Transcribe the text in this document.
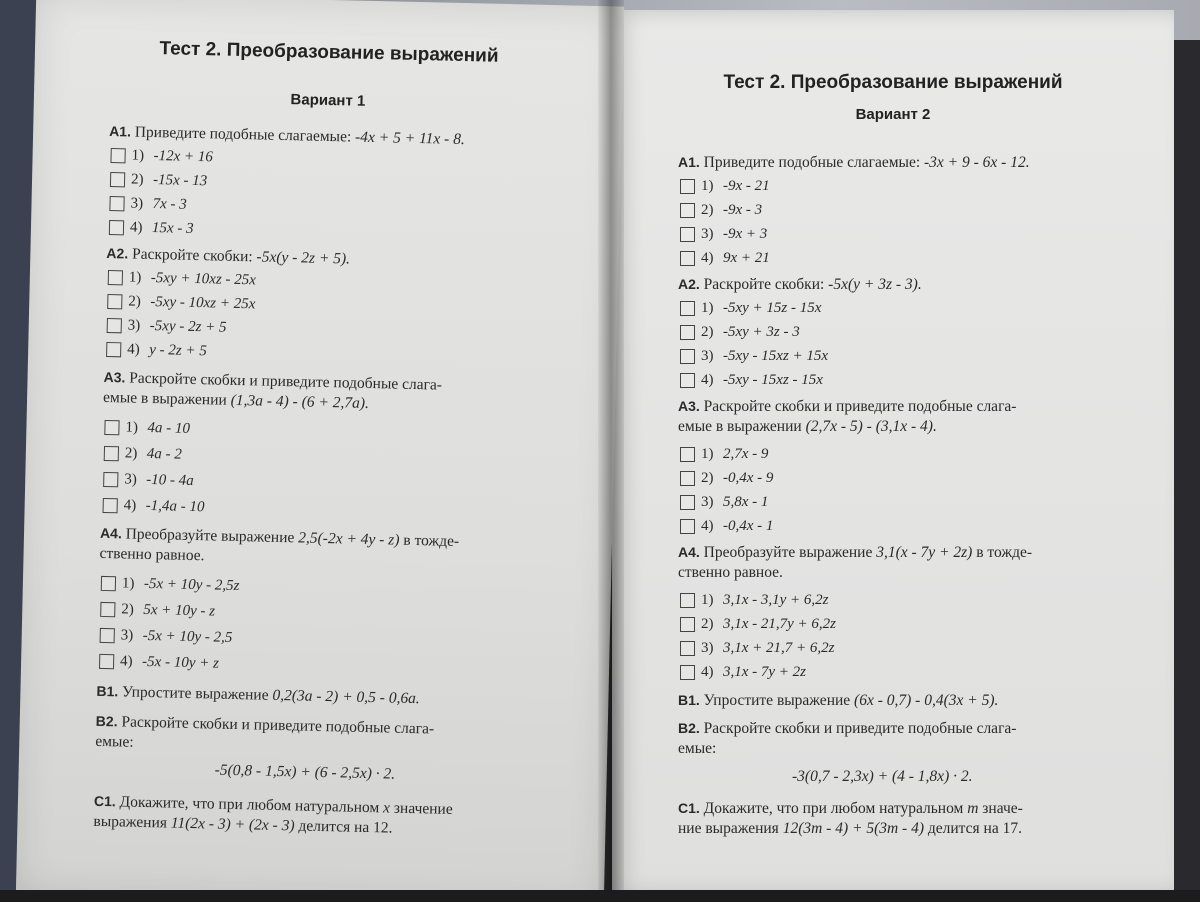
Тест 2. Преобразование выражений
Вариант 2
A1. Приведите подобные слагаемые: -3x + 9 - 6x - 12.
1) -9x - 21
2) -9x - 3
3) -9x + 3
4) 9x + 21
A2. Раскройте скобки: -5x(y + 3z - 3).
1) -5xy + 15z - 15x
2) -5xy + 3z - 3
3) -5xy - 15xz + 15x
4) -5xy - 15xz - 15x
A3. Раскройте скобки и приведите подобные слага-
емые в выражении (2,7x - 5) - (3,1x - 4).
1) 2,7x - 9
2) -0,4x - 9
3) 5,8x - 1
4) -0,4x - 1
A4. Преобразуйте выражение 3,1(x - 7y + 2z) в тожде-
ственно равное.
1) 3,1x - 3,1y + 6,2z
2) 3,1x - 21,7y + 6,2z
3) 3,1x + 21,7 + 6,2z
4) 3,1x - 7y + 2z
B1. Упростите выражение (6x - 0,7) - 0,4(3x + 5).
B2. Раскройте скобки и приведите подобные слага-
емые:
-3(0,7 - 2,3x) + (4 - 1,8x) · 2.
C1. Докажите, что при любом натуральном m значе-
ние выражения 12(3m - 4) + 5(3m - 4) делится на 17.
Тест 2. Преобразование выражений
Вариант 1
A1. Приведите подобные слагаемые: -4x + 5 + 11x - 8.
1) -12x + 16
2) -15x - 13
3) 7x - 3
4) 15x - 3
A2. Раскройте скобки: -5x(y - 2z + 5).
1) -5xy + 10xz - 25x
2) -5xy - 10xz + 25x
3) -5xy - 2z + 5
4) y - 2z + 5
A3. Раскройте скобки и приведите подобные слага-
емые в выражении (1,3a - 4) - (6 + 2,7a).
1) 4a - 10
2) 4a - 2
3) -10 - 4a
4) -1,4a - 10
A4. Преобразуйте выражение 2,5(-2x + 4y - z) в тожде-
ственно равное.
1) -5x + 10y - 2,5z
2) 5x + 10y - z
3) -5x + 10y - 2,5
4) -5x - 10y + z
B1. Упростите выражение 0,2(3a - 2) + 0,5 - 0,6a.
B2. Раскройте скобки и приведите подобные слага-
емые:
-5(0,8 - 1,5x) + (6 - 2,5x) · 2.
C1. Докажите, что при любом натуральном x значение
выражения 11(2x - 3) + (2x - 3) делится на 12.
